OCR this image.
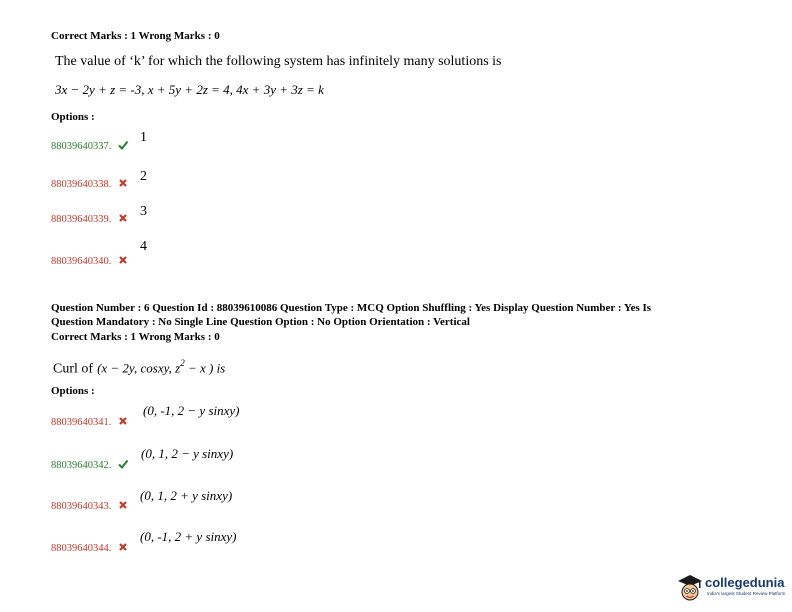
Correct Marks : 1 Wrong Marks : 0
The value of ‘k’ for which the following system has infinitely many solutions is
3x − 2y + z = -3, x + 5y + 2z = 4, 4x + 3y + 3z = k
Options :
88039640337.
1
88039640338.
2
88039640339.
3
88039640340.
4
Question Number : 6 Question Id : 88039610086 Question Type : MCQ Option Shuffling : Yes Display Question Number : Yes Is
Question Mandatory : No Single Line Question Option : No Option Orientation : Vertical
Correct Marks : 1 Wrong Marks : 0
Curl of (x − 2y, cosxy, $z^2 - x$ ) is
Options :
88039640341.
(0, -1, 2 − y sinxy)
88039640342.
(0, 1, 2 − y sinxy)
88039640343.
(0, 1, 2 + y sinxy)
88039640344.
(0, -1, 2 + y sinxy)
collegedunia
India's largest Student Review Platform
